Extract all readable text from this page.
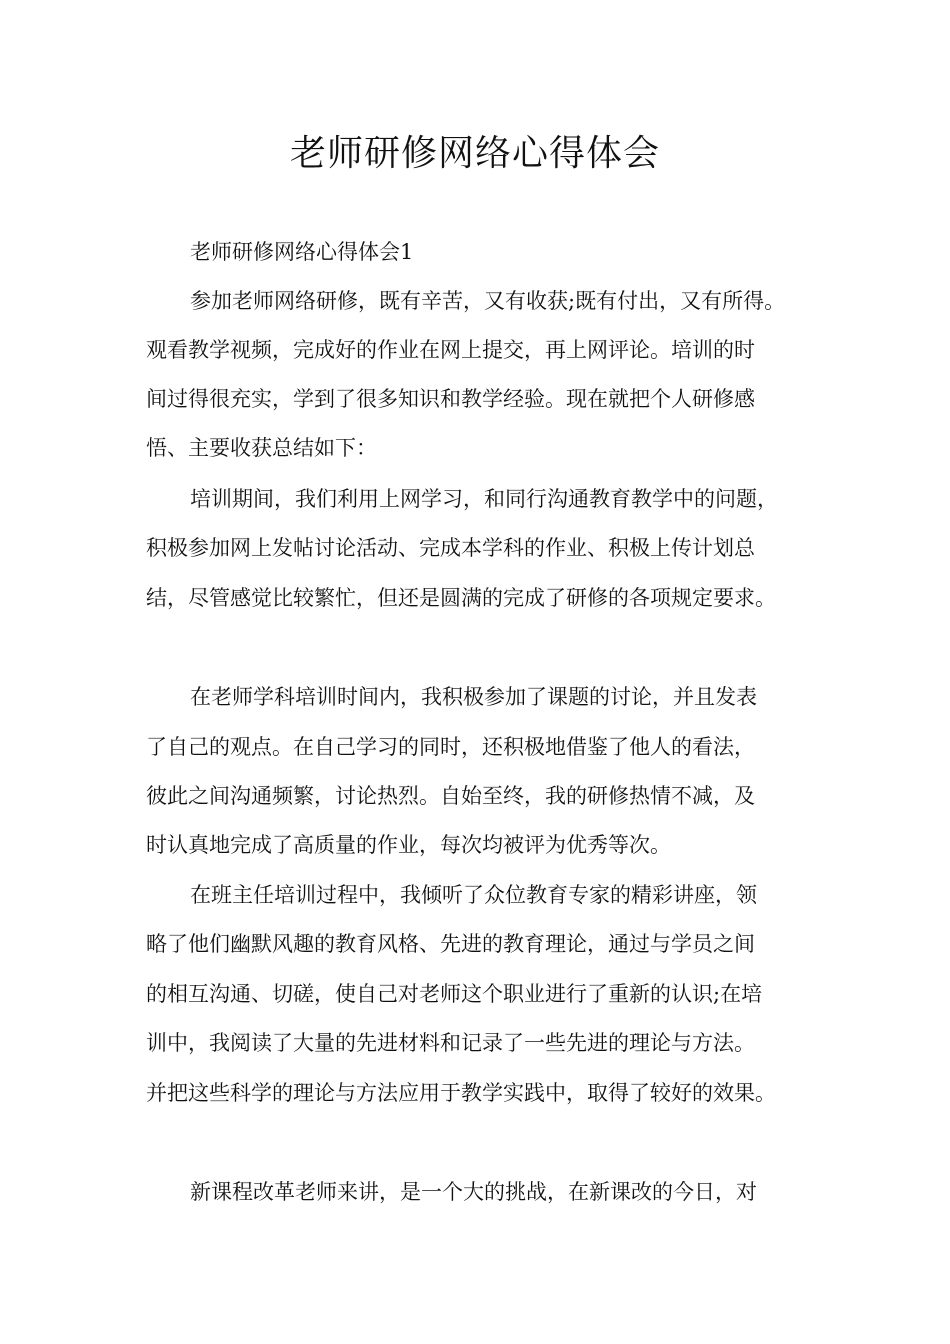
老师研修网络心得体会

老师研修网络心得体会1

参加老师网络研修，既有辛苦，又有收获;既有付出，又有所得。

观看教学视频，完成好的作业在网上提交，再上网评论。培训的时

间过得很充实，学到了很多知识和教学经验。现在就把个人研修感

悟、主要收获总结如下：

培训期间，我们利用上网学习，和同行沟通教育教学中的问题，

积极参加网上发帖讨论活动、完成本学科的作业、积极上传计划总

结，尽管感觉比较繁忙，但还是圆满的完成了研修的各项规定要求。

在老师学科培训时间内，我积极参加了课题的讨论，并且发表

了自己的观点。在自己学习的同时，还积极地借鉴了他人的看法，

彼此之间沟通频繁，讨论热烈。自始至终，我的研修热情不减，及

时认真地完成了高质量的作业，每次均被评为优秀等次。

在班主任培训过程中，我倾听了众位教育专家的精彩讲座，领

略了他们幽默风趣的教育风格、先进的教育理论，通过与学员之间

的相互沟通、切磋，使自己对老师这个职业进行了重新的认识;在培

训中，我阅读了大量的先进材料和记录了一些先进的理论与方法。

并把这些科学的理论与方法应用于教学实践中，取得了较好的效果。

新课程改革老师来讲，是一个大的挑战，在新课改的今日，对
